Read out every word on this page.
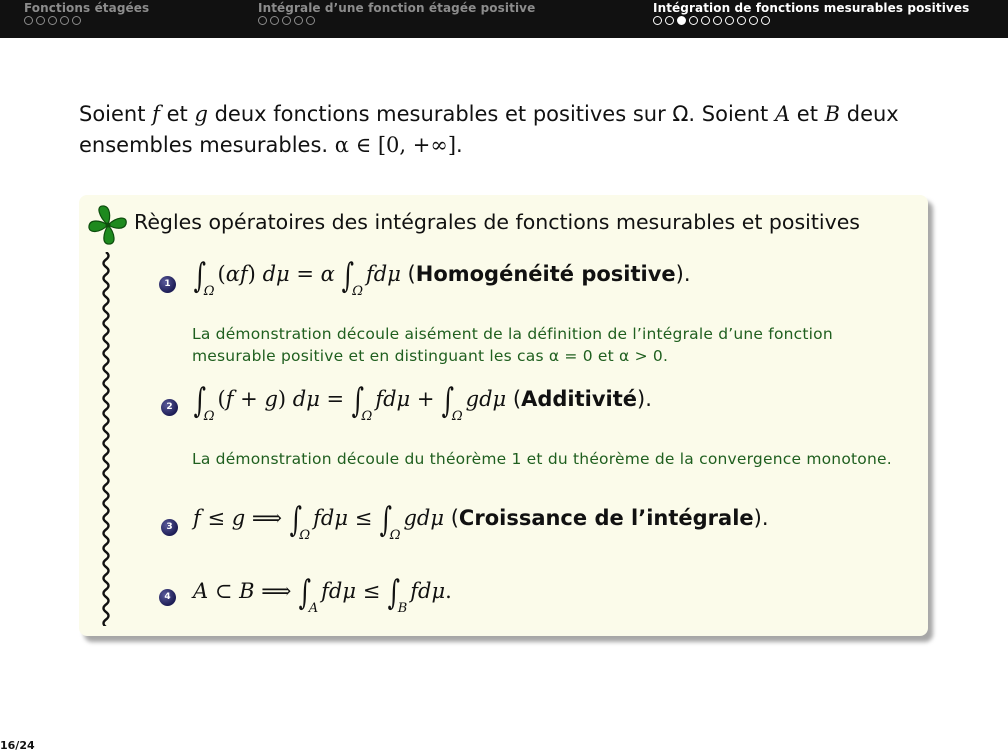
Fonctions étagées	Intégrale d’une fonction étagée positive	Intégration de fonctions mesurables positives
Soient f et g deux fonctions mesurables et positives sur Ω. Soient A et B deux
ensembles mesurables. α ∈ [0, +∞].
Règles opératoires des intégrales de fonctions mesurables et positives
1 $\int_\Omega(\alpha f) d\mu = \alpha$ $\int_\Omega fd\mu$ (Homogénéité positive).
La démonstration découle aisément de la définition de l’intégrale d’une fonction mesurable positive et en distinguant les cas α = 0 et α > 0.
2 $\int_\Omega(f + g) d\mu = \int_\Omega fd\mu + \int_\Omega gd\mu$ (Additivité).
La démonstration découle du théorème 1 et du théorème de la convergence monotone.
3 f ≤ g ⟹ $\int_\Omega fd\mu \le \int_\Omega gd\mu$ (Croissance de l’intégrale).
4 A ⊂ B ⟹ $\int_Afd\mu \le \int_Bfd\mu$.
16/24
